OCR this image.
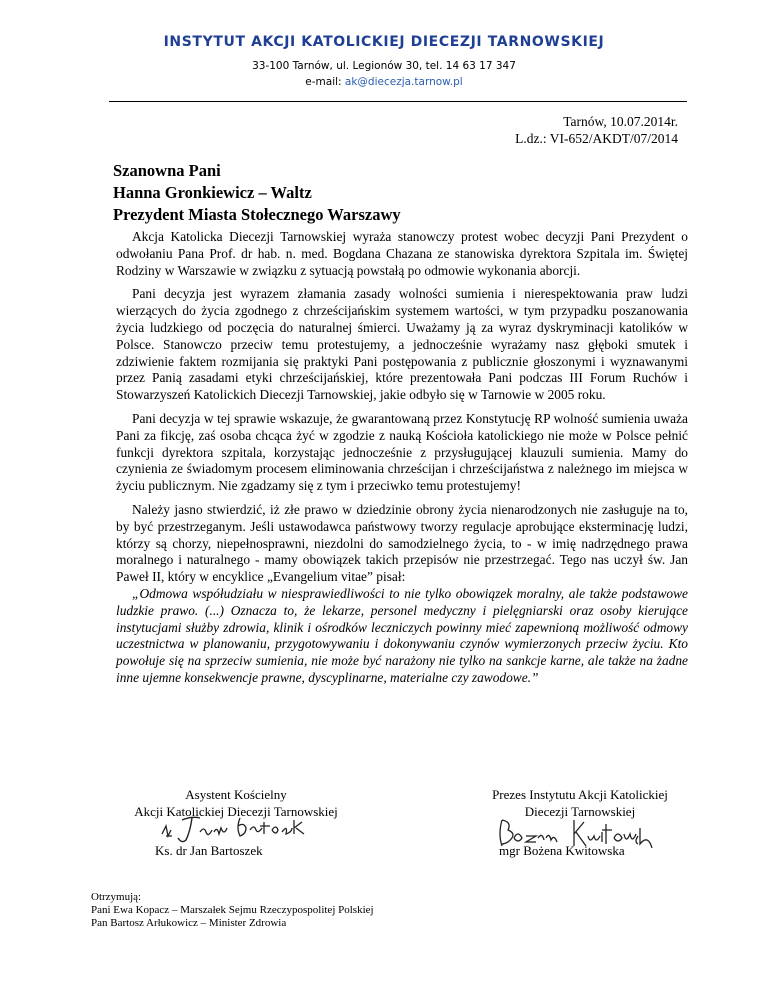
INSTYTUT AKCJI KATOLICKIEJ DIECEZJI TARNOWSKIEJ
33-100 Tarnów, ul. Legionów 30, tel. 14 63 17 347
e-mail: ak@diecezja.tarnow.pl
Tarnów, 10.07.2014r.
L.dz.: VI-652/AKDT/07/2014
Szanowna Pani
Hanna Gronkiewicz – Waltz
Prezydent Miasta Stołecznego Warszawy

Akcja Katolicka Diecezji Tarnowskiej wyraża stanowczy protest wobec decyzji Pani Prezydent o odwołaniu Pana Prof. dr hab. n. med. Bogdana Chazana ze stanowiska dyrektora Szpitala im. Świętej Rodziny w Warszawie w związku z sytuacją powstałą po odmowie wykonania aborcji.

Pani decyzja jest wyrazem złamania zasady wolności sumienia i nierespektowania praw ludzi wierzących do życia zgodnego z chrześcijańskim systemem wartości, w tym przypadku poszanowania życia ludzkiego od poczęcia do naturalnej śmierci. Uważamy ją za wyraz dyskryminacji katolików w Polsce. Stanowczo przeciw temu protestujemy, a jednocześnie wyrażamy nasz głęboki smutek i zdziwienie faktem rozmijania się praktyki Pani postępowania z publicznie głoszonymi i wyznawanymi przez Panią zasadami etyki chrześcijańskiej, które prezentowała Pani podczas III Forum Ruchów i Stowarzyszeń Katolickich Diecezji Tarnowskiej, jakie odbyło się w Tarnowie w 2005 roku.

Pani decyzja w tej sprawie wskazuje, że gwarantowaną przez Konstytucję RP wolność sumienia uważa Pani za fikcję, zaś osoba chcąca żyć w zgodzie z nauką Kościoła katolickiego nie może w Polsce pełnić funkcji dyrektora szpitala, korzystając jednocześnie z przysługującej klauzuli sumienia. Mamy do czynienia ze świadomym procesem eliminowania chrześcijan i chrześcijaństwa z należnego im miejsca w życiu publicznym. Nie zgadzamy się z tym i przeciwko temu protestujemy!

Należy jasno stwierdzić, iż złe prawo w dziedzinie obrony życia nienarodzonych nie zasługuje na to, by być przestrzeganym. Jeśli ustawodawca państwowy tworzy regulacje aprobujące eksterminację ludzi, którzy są chorzy, niepełnosprawni, niezdolni do samodzielnego życia, to - w imię nadrzędnego prawa moralnego i naturalnego - mamy obowiązek takich przepisów nie przestrzegać. Tego nas uczył św. Jan Paweł II, który w encyklice „Evangelium vitae” pisał:

„Odmowa współudziału w niesprawiedliwości to nie tylko obowiązek moralny, ale także podstawowe ludzkie prawo. (...) Oznacza to, że lekarze, personel medyczny i pielęgniarski oraz osoby kierujące instytucjami służby zdrowia, klinik i ośrodków leczniczych powinny mieć zapewnioną możliwość odmowy uczestnictwa w planowaniu, przygotowywaniu i dokonywaniu czynów wymierzonych przeciw życiu. Kto powołuje się na sprzeciw sumienia, nie może być narażony nie tylko na sankcje karne, ale także na żadne inne ujemne konsekwencje prawne, dyscyplinarne, materialne czy zawodowe.”

Asystent Kościelny
Akcji Katolickiej Diecezji Tarnowskiej
Ks. dr Jan Bartoszek
Prezes Instytutu Akcji Katolickiej
Diecezji Tarnowskiej
mgr Bożena Kwitowska
Otrzymują:
Pani Ewa Kopacz – Marszałek Sejmu Rzeczypospolitej Polskiej
Pan Bartosz Arłukowicz – Minister Zdrowia
